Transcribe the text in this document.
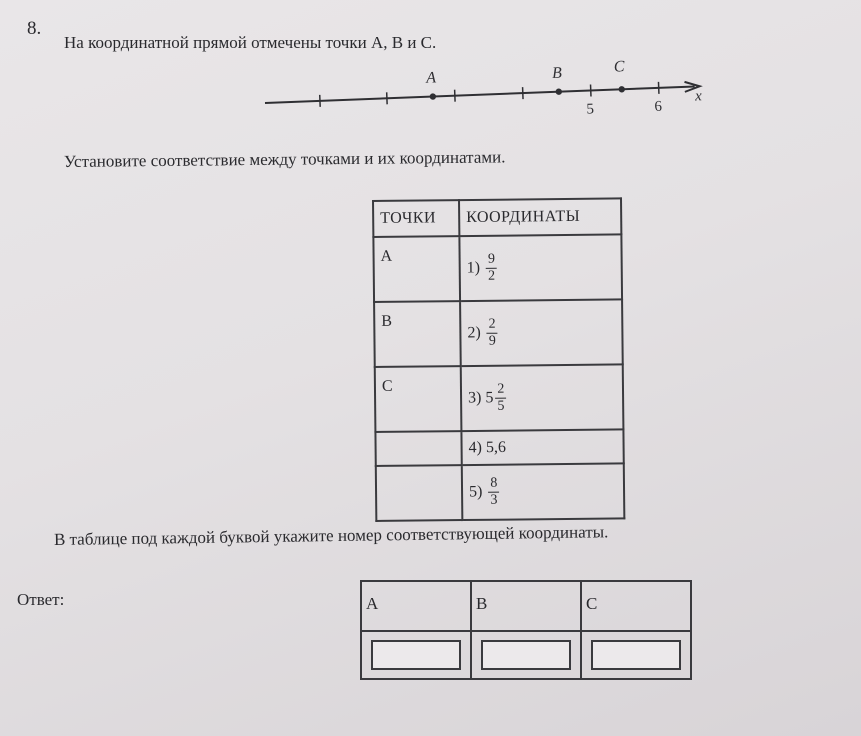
8.
На координатной прямой отмечены точки A, B и C.
A	B	C
5	6
x
Установите соответствие между точками и их координатами.
ТОЧКИ	КООРДИНАТЫ
A	$1) \frac{9}{2}$

B	$2) \frac{2}{9}$

C	3) $5 \frac{2}{5}$

	4) 5,6
	$5) \frac{8}{3}$
В таблице под каждой буквой укажите номер соответствующей координаты.
Ответ:	A	B	C
